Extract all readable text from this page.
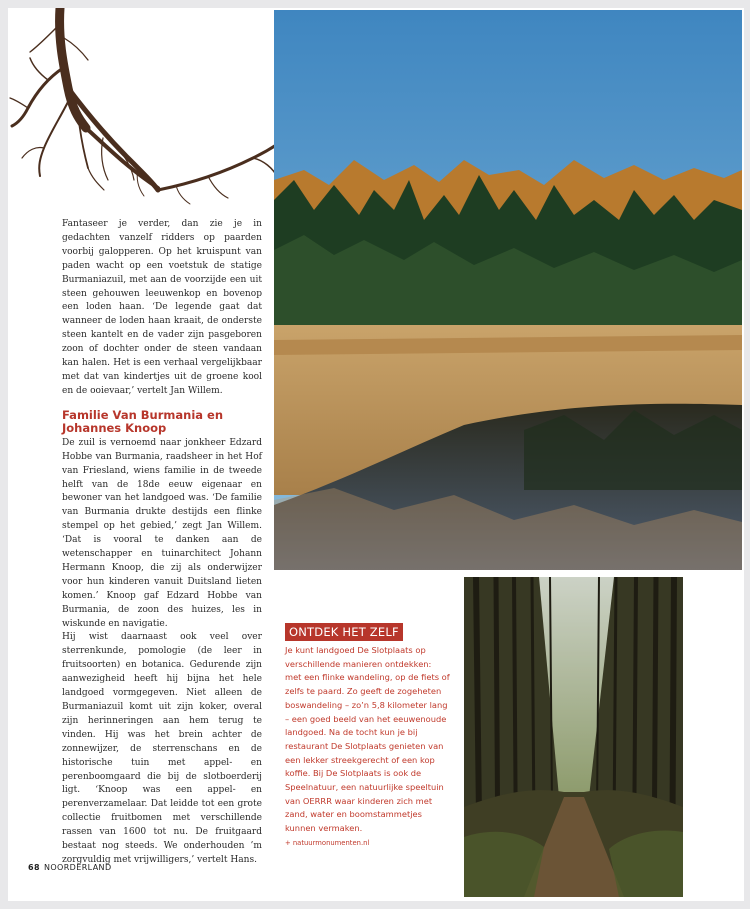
Fantaseer je verder, dan zie je in gedachten vanzelf ridders op paarden voorbij galopperen. Op het kruispunt van paden wacht op een voetstuk de statige Burmaniazuil, met aan de voorzijde een uit steen gehouwen leeuwenkop en bovenop een loden haan. ‘De legende gaat dat wanneer de loden haan kraait, de onderste steen kantelt en de vader zijn pasgeboren zoon of dochter onder de steen vandaan kan halen. Het is een verhaal vergelijkbaar met dat van kindertjes uit de groene kool en de ooievaar,’ vertelt Jan Willem.

Familie Van Burmania en Johannes Knoop

De zuil is vernoemd naar jonkheer Edzard Hobbe van Burmania, raadsheer in het Hof van Friesland, wiens familie in de tweede helft van de 18de eeuw eigenaar en bewoner van het landgoed was. ‘De familie van Burmania drukte destijds een flinke stempel op het gebied,’ zegt Jan Willem. ‘Dat is vooral te danken aan de wetenschapper en tuinarchitect Johann Hermann Knoop, die zij als onderwijzer voor hun kinderen vanuit Duitsland lieten komen.’ Knoop gaf Edzard Hobbe van Burmania, de zoon des huizes, les in wiskunde en navigatie.

Hij wist daarnaast ook veel over sterrenkunde, pomologie (de leer in fruitsoorten) en botanica. Gedurende zijn aanwezigheid heeft hij bijna het hele landgoed vormgegeven. Niet alleen de Burmaniazuil komt uit zijn koker, overal zijn herinneringen aan hem terug te vinden. Hij was het brein achter de zonnewijzer, de sterrenschans en de historische tuin met appel- en perenboomgaard die bij de slotboerderij ligt. ‘Knoop was een appel- en perenverzamelaar. Dat leidde tot een grote collectie fruitbomen met verschillende rassen van 1600 tot nu. De fruitgaard bestaat nog steeds. We onderhouden ’m zorgvuldig met vrijwilligers,’ vertelt Hans.

ONTDEK HET ZELF
Je kunt landgoed De Slotplaats op verschillende manieren ontdekken: met een flinke wandeling, op de fiets of zelfs te paard. Zo geeft de zogeheten boswandeling – zo’n 5,8 kilometer lang – een goed beeld van het eeuwenoude landgoed. Na de tocht kun je bij restaurant De Slotplaats genieten van een lekker streekgerecht of een kop koffie. Bij De Slotplaats is ook de Speelnatuur, een natuurlijke speeltuin van OERRR waar kinderen zich met zand, water en boomstammetjes kunnen vermaken.
+ natuurmonumenten.nl
68 NOORDERLAND
